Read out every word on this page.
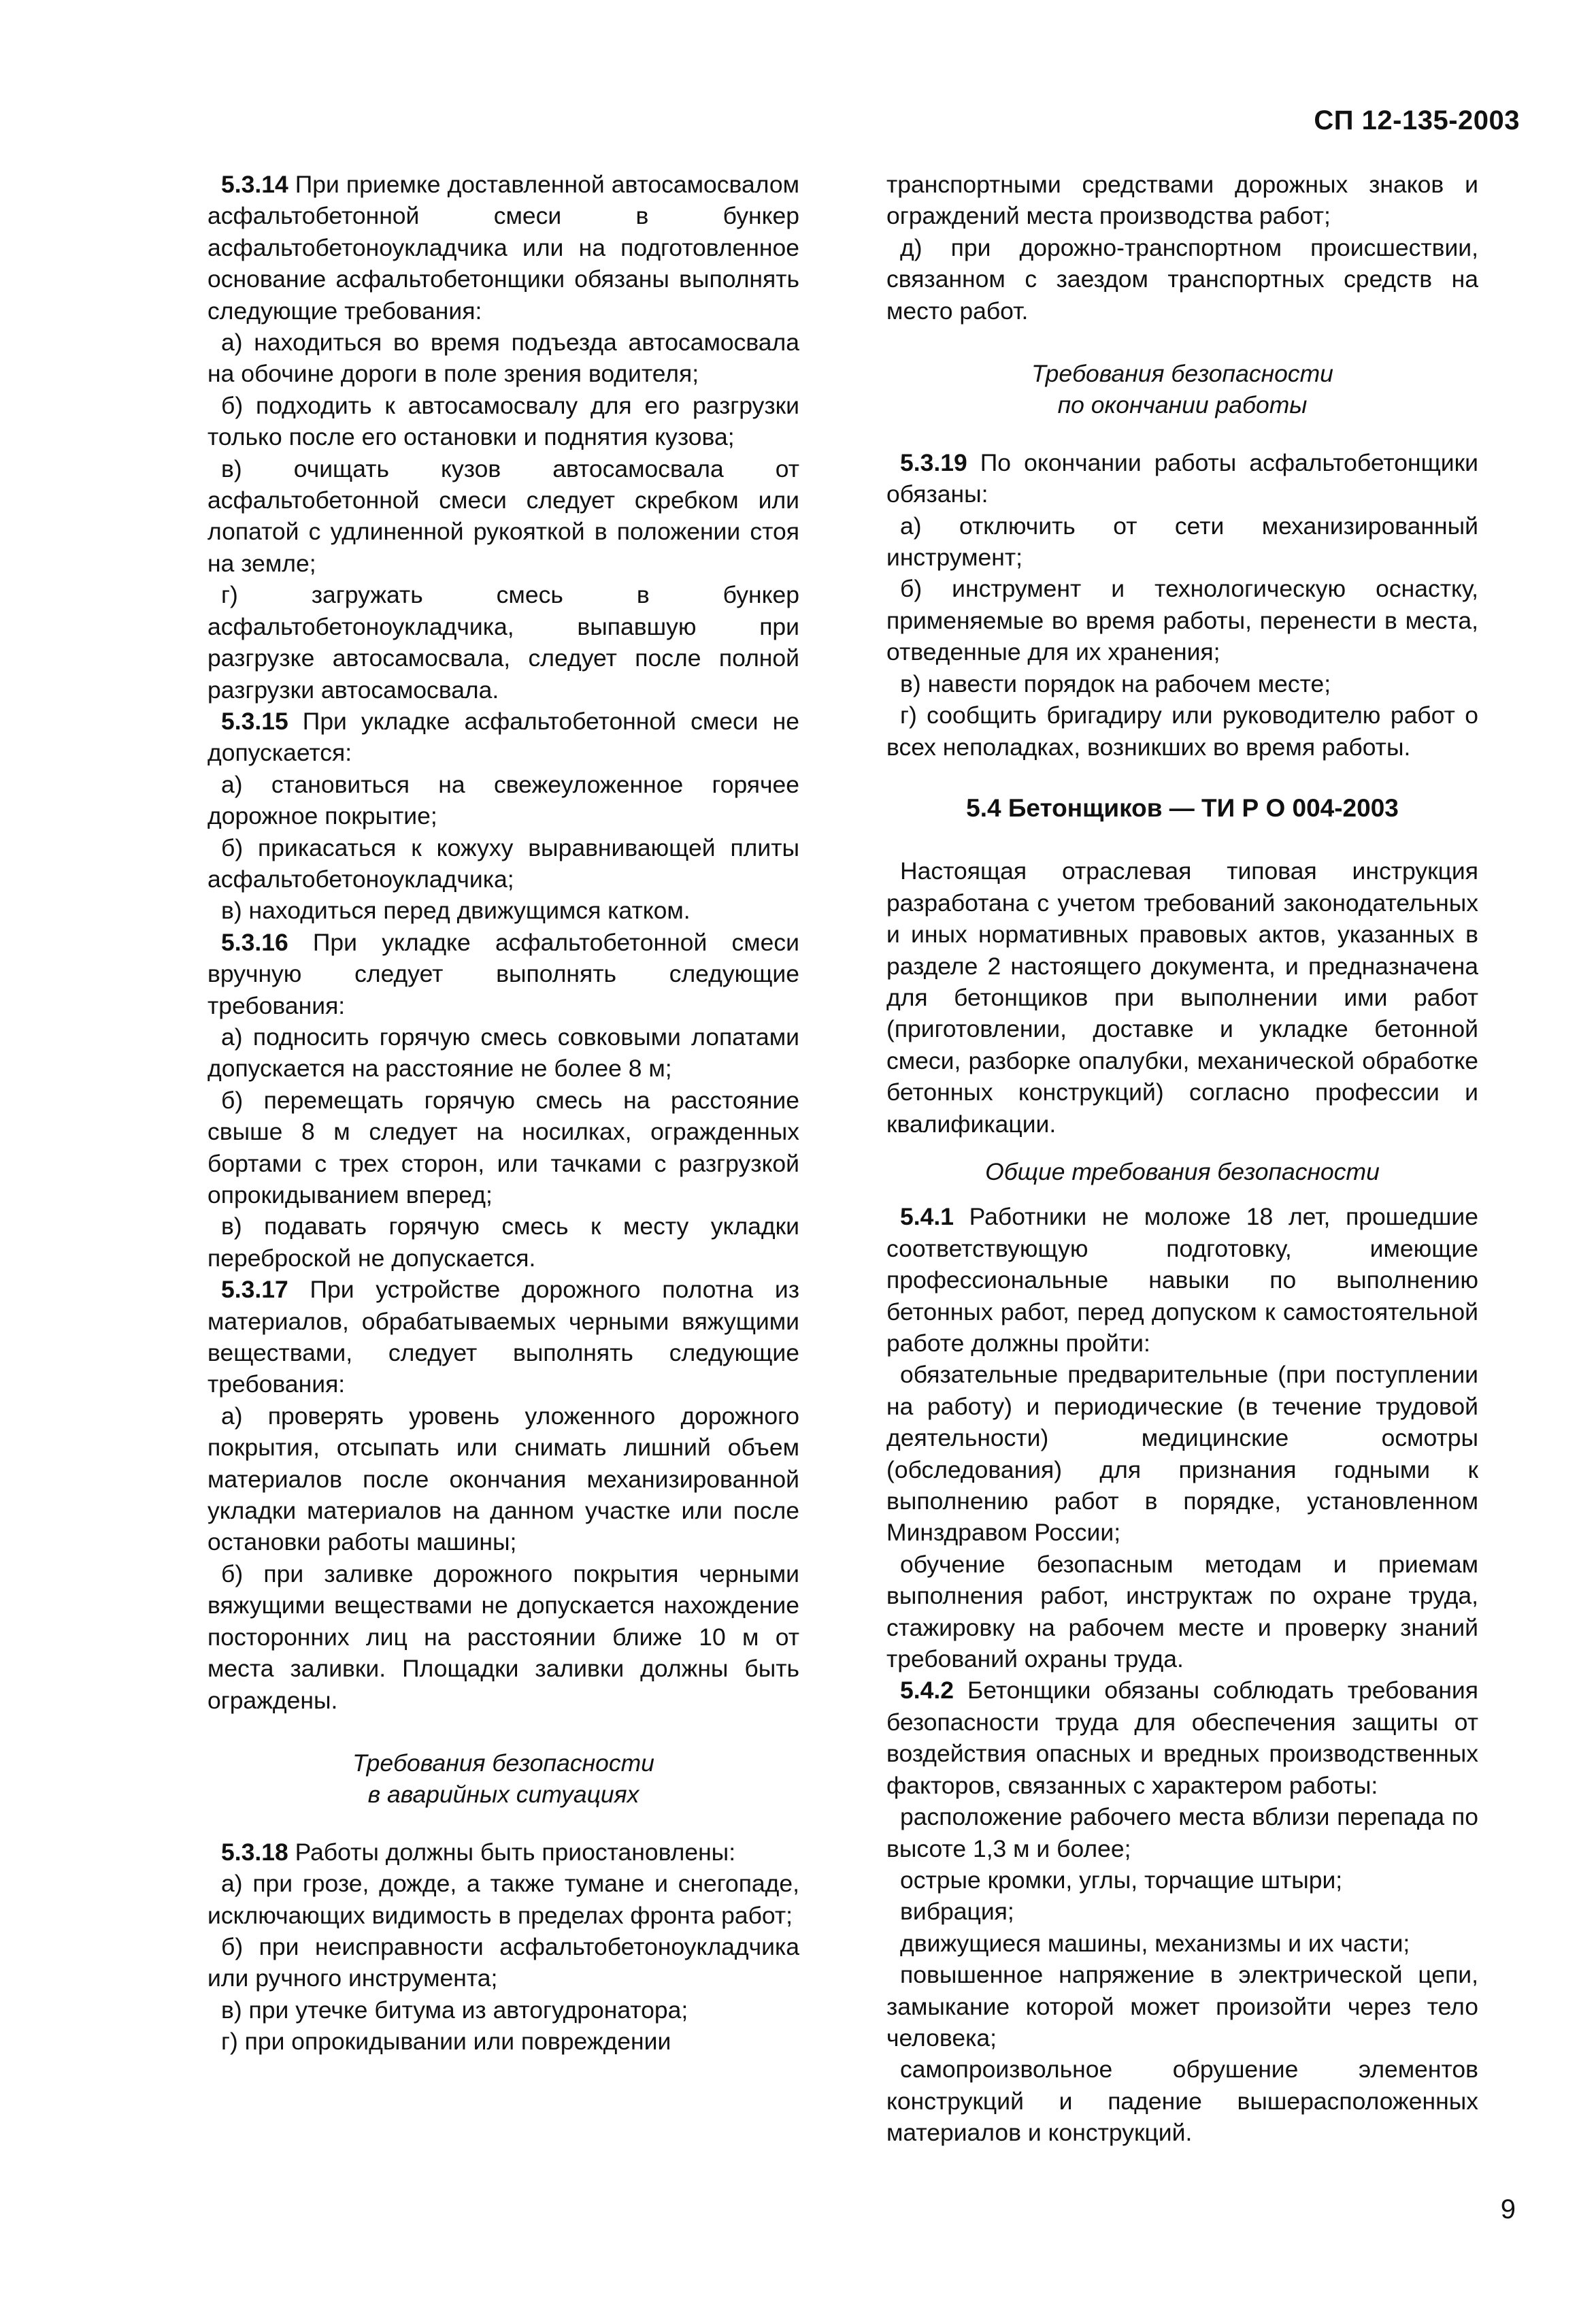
СП 12-135-2003

5.3.14 При приемке доставленной автосамосвалом асфальтобетонной смеси в бункер асфальтобетоноукладчика или на подготовленное основание асфальтобетонщики обязаны выполнять следующие требования:

а) находиться во время подъезда автосамосвала на обочине дороги в поле зрения водителя;

б) подходить к автосамосвалу для его разгрузки только после его остановки и поднятия кузова;

в) очищать кузов автосамосвала от асфальтобетонной смеси следует скребком или лопатой с удлиненной рукояткой в положении стоя на земле;

г) загружать смесь в бункер асфальтобетоноукладчика, выпавшую при разгрузке автосамосвала, следует после полной разгрузки автосамосвала.

5.3.15 При укладке асфальтобетонной смеси не допускается:

а) становиться на свежеуложенное горячее дорожное покрытие;

б) прикасаться к кожуху выравнивающей плиты асфальтобетоноукладчика;

в) находиться перед движущимся катком.

5.3.16 При укладке асфальтобетонной смеси вручную следует выполнять следующие требования:

а) подносить горячую смесь совковыми лопатами допускается на расстояние не более 8 м;

б) перемещать горячую смесь на расстояние свыше 8 м следует на носилках, огражденных бортами с трех сторон, или тачками с разгрузкой опрокидыванием вперед;

в) подавать горячую смесь к месту укладки переброской не допускается.

5.3.17 При устройстве дорожного полотна из материалов, обрабатываемых черными вяжущими веществами, следует выполнять следующие требования:

а) проверять уровень уложенного дорожного покрытия, отсыпать или снимать лишний объем материалов после окончания механизированной укладки материалов на данном участке или после остановки работы машины;

б) при заливке дорожного покрытия черными вяжущими веществами не допускается нахождение посторонних лиц на расстоянии ближе 10 м от места заливки. Площадки заливки должны быть ограждены.

Требования безопасности
в аварийных ситуациях

5.3.18 Работы должны быть приостановлены:

а) при грозе, дожде, а также тумане и снегопаде, исключающих видимость в пределах фронта работ;

б) при неисправности асфальтобетоноукладчика или ручного инструмента;

в) при утечке битума из автогудронатора;

г) при опрокидывании или повреждении

транспортными средствами дорожных знаков и ограждений места производства работ;

д) при дорожно-транспортном происшествии, связанном с заездом транспортных средств на место работ.

Требования безопасности
по окончании работы

5.3.19 По окончании работы асфальтобетонщики обязаны:

а) отключить от сети механизированный инструмент;

б) инструмент и технологическую оснастку, применяемые во время работы, перенести в места, отведенные для их хранения;

в) навести порядок на рабочем месте;

г) сообщить бригадиру или руководителю работ о всех неполадках, возникших во время работы.

5.4 Бетонщиков — ТИ Р О 004-2003

Настоящая отраслевая типовая инструкция разработана с учетом требований законодательных и иных нормативных правовых актов, указанных в разделе 2 настоящего документа, и предназначена для бетонщиков при выполнении ими работ (приготовлении, доставке и укладке бетонной смеси, разборке опалубки, механической обработке бетонных конструкций) согласно профессии и квалификации.

Общие требования безопасности

5.4.1 Работники не моложе 18 лет, прошедшие соответствующую подготовку, имеющие профессиональные навыки по выполнению бетонных работ, перед допуском к самостоятельной работе должны пройти:

обязательные предварительные (при поступлении на работу) и периодические (в течение трудовой деятельности) медицинские осмотры (обследования) для признания годными к выполнению работ в порядке, установленном Минздравом России;

обучение безопасным методам и приемам выполнения работ, инструктаж по охране труда, стажировку на рабочем месте и проверку знаний требований охраны труда.

5.4.2 Бетонщики обязаны соблюдать требования безопасности труда для обеспечения защиты от воздействия опасных и вредных производственных факторов, связанных с характером работы:

расположение рабочего места вблизи перепада по высоте 1,3 м и более;

острые кромки, углы, торчащие штыри;

вибрация;

движущиеся машины, механизмы и их части;

повышенное напряжение в электрической цепи, замыкание которой может произойти через тело человека;

самопроизвольное обрушение элементов конструкций и падение вышерасположенных материалов и конструкций.

9
